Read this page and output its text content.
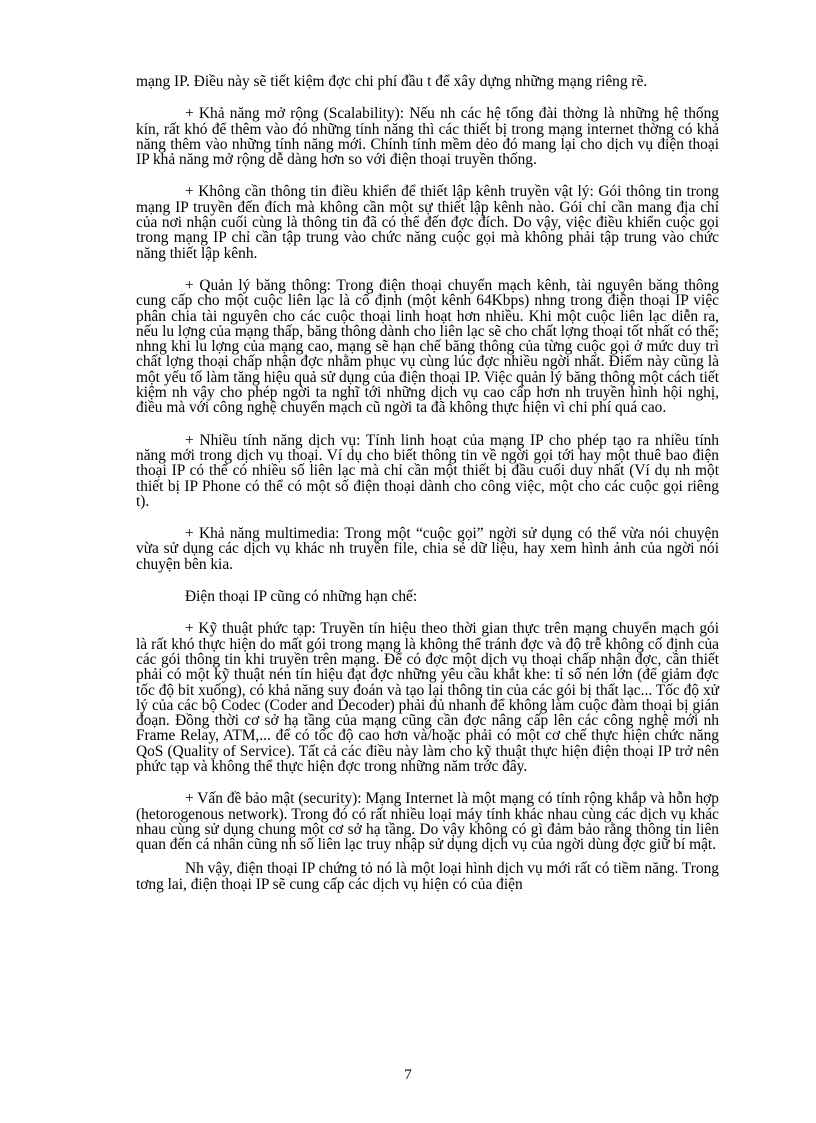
mạng IP. Điều này sẽ tiết kiệm đợc chi phí đầu t để xây dựng những mạng riêng rẽ.

+ Khả năng mở rộng (Scalability): Nếu nh các hệ tổng đài thờng là những hệ thống kín, rất khó để thêm vào đó những tính năng thì các thiết bị trong mạng internet thờng có khả năng thêm vào những tính năng mới. Chính tính mềm dẻo đó mang lại cho dịch vụ điện thoại IP khả năng mở rộng dễ dàng hơn so với điện thoại truyền thống.

+ Không cần thông tin điều khiển để thiết lập kênh truyền vật lý: Gói thông tin trong mạng IP truyền đến đích mà không cần một sự thiết lập kênh nào. Gói chỉ cần mang địa chỉ của nơi nhận cuối cùng là thông tin đã có thể đến đợc đích. Do vậy, việc điều khiển cuộc gọi trong mạng IP chỉ cần tập trung vào chức năng cuộc gọi mà không phải tập trung vào chức năng thiết lập kênh.

+ Quản lý băng thông: Trong điện thoại chuyển mạch kênh, tài nguyên băng thông cung cấp cho một cuộc liên lạc là cố định (một kênh 64Kbps) nhng trong điện thoại IP việc phân chia tài nguyên cho các cuộc thoại linh hoạt hơn nhiều. Khi một cuộc liên lạc diễn ra, nếu lu lợng của mạng thấp, băng thông dành cho liên lạc sẽ cho chất lợng thoại tốt nhất có thể; nhng khi lu lợng của mạng cao, mạng sẽ hạn chế băng thông của từng cuộc gọi ở mức duy trì chất lợng thoại chấp nhận đợc nhằm phục vụ cùng lúc đợc nhiều ngời nhất. Điểm này cũng là một yếu tố làm tăng hiệu quả sử dụng của điện thoại IP. Việc quản lý băng thông một cách tiết kiệm nh vậy cho phép ngời ta nghĩ tới những dịch vụ cao cấp hơn nh truyền hình hội nghị, điều mà với công nghệ chuyển mạch cũ ngời ta đã không thực hiện vì chi phí quá cao.

+ Nhiều tính năng dịch vụ: Tính linh hoạt của mạng IP cho phép tạo ra nhiều tính năng mới trong dịch vụ thoại. Ví dụ cho biết thông tin về ngời gọi tới hay một thuê bao điện thoại IP có thể có nhiều số liên lạc mà chỉ cần một thiết bị đầu cuối duy nhất (Ví dụ nh một thiết bị IP Phone có thể có một số điện thoại dành cho công việc, một cho các cuộc gọi riêng t).

+ Khả năng multimedia: Trong một “cuộc gọi” ngời sử dụng có thể vừa nói chuyện vừa sử dụng các dịch vụ khác nh truyền file, chia sẻ dữ liệu, hay xem hình ảnh của ngời nói chuyện bên kia.

Điện thoại IP cũng có những hạn chế:

+ Kỹ thuật phức tạp: Truyền tín hiệu theo thời gian thực trên mạng chuyển mạch gói là rất khó thực hiện do mất gói trong mạng là không thể tránh đợc và độ trễ không cố định của các gói thông tin khi truyền trên mạng. Để có đợc một dịch vụ thoại chấp nhận đợc, cần thiết phải có một kỹ thuật nén tín hiệu đạt đợc những yêu cầu khắt khe: tỉ số nén lớn (để giảm đợc tốc độ bit xuống), có khả năng suy đoán và tạo lại thông tin của các gói bị thất lạc... Tốc độ xử lý của các bộ Codec (Coder and Decoder) phải đủ nhanh để không làm cuộc đàm thoại bị gián đoạn. Đồng thời cơ sở hạ tầng của mạng cũng cần đợc nâng cấp lên các công nghệ mới nh Frame Relay, ATM,... để có tốc độ cao hơn và/hoặc phải có một cơ chế thực hiện chức năng QoS (Quality of Service). Tất cả các điều này làm cho kỹ thuật thực hiện điện thoại IP trở nên phức tạp và không thể thực hiện đợc trong những năm trớc đây.

+ Vấn đề bảo mật (security): Mạng Internet là một mạng có tính rộng khắp và hỗn hợp (hetorogenous network). Trong đó có rất nhiều loại máy tính khác nhau cùng các dịch vụ khác nhau cùng sử dụng chung một cơ sở hạ tầng. Do vậy không có gì đảm bảo rằng thông tin liên quan đến cá nhân cũng nh số liên lạc truy nhập sử dụng dịch vụ của ngời dùng đợc giữ bí mật.

Nh vậy, điện thoại IP chứng tỏ nó là một loại hình dịch vụ mới rất có tiềm năng. Trong tơng lai, điện thoại IP sẽ cung cấp các dịch vụ hiện có của điện

7
